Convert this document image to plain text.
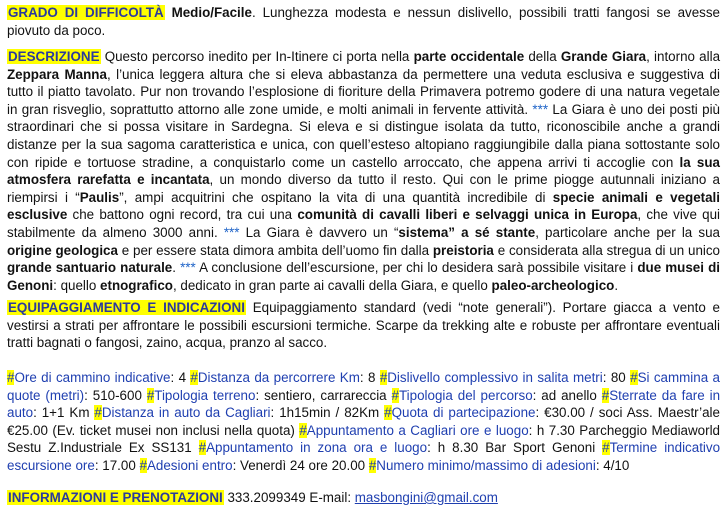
GRADO DI DIFFICOLTÀ Medio/Facile. Lunghezza modesta e nessun dislivello, possibili tratti fangosi se avesse piovuto da poco.

DESCRIZIONE Questo percorso inedito per In-Itinere ci porta nella parte occidentale della Grande Giara, intorno alla Zeppara Manna, l’unica leggera altura che si eleva abbastanza da permettere una veduta esclusiva e suggestiva di tutto il piatto tavolato. Pur non trovando l’esplosione di fioriture della Primavera potremo godere di una natura vegetale in gran risveglio, soprattutto attorno alle zone umide, e molti animali in fervente attività. *** La Giara è uno dei posti più straordinari che si possa visitare in Sardegna. Si eleva e si distingue isolata da tutto, riconoscibile anche a grandi distanze per la sua sagoma caratteristica e unica, con quell’esteso altopiano raggiungibile dalla piana sottostante solo con ripide e tortuose stradine, a conquistarlo come un castello arroccato, che appena arrivi ti accoglie con la sua atmosfera rarefatta e incantata, un mondo diverso da tutto il resto. Qui con le prime piogge autunnali iniziano a riempirsi i “Paulis”, ampi acquitrini che ospitano la vita di una quantità incredibile di specie animali e vegetali esclusive che battono ogni record, tra cui una comunità di cavalli liberi e selvaggi unica in Europa, che vive qui stabilmente da almeno 3000 anni. *** La Giara è davvero un “sistema” a sé stante, particolare anche per la sua origine geologica e per essere stata dimora ambita dell’uomo fin dalla preistoria e considerata alla stregua di un unico grande santuario naturale. *** A conclusione dell’escursione, per chi lo desidera sarà possibile visitare i due musei di Genoni: quello etnografico, dedicato in gran parte ai cavalli della Giara, e quello paleo-archeologico.

EQUIPAGGIAMENTO E INDICAZIONI Equipaggiamento standard (vedi “note generali”). Portare giacca a vento e vestirsi a strati per affrontare le possibili escursioni termiche. Scarpe da trekking alte e robuste per affrontare eventuali tratti bagnati o fangosi, zaino, acqua, pranzo al sacco.

#Ore di cammino indicative: 4 #Distanza da percorrere Km: 8 #Dislivello complessivo in salita metri: 80 #Si cammina a quote (metri): 510-600 #Tipologia terreno: sentiero, carrareccia #Tipologia del percorso: ad anello #Sterrate da fare in auto: 1+1 Km #Distanza in auto da Cagliari: 1h15min / 82Km #Quota di partecipazione: €30.00 / soci Ass. Maestr’ale €25.00 (Ev. ticket musei non inclusi nella quota) #Appuntamento a Cagliari ore e luogo: h 7.30 Parcheggio Mediaworld Sestu Z.Industriale Ex SS131 #Appuntamento in zona ora e luogo: h 8.30 Bar Sport Genoni #Termine indicativo escursione ore: 17.00 #Adesioni entro: Venerdì 24 ore 20.00 #Numero minimo/massimo di adesioni: 4/10

INFORMAZIONI E PRENOTAZIONI 333.2099349 E-mail: masbongini@gmail.com
